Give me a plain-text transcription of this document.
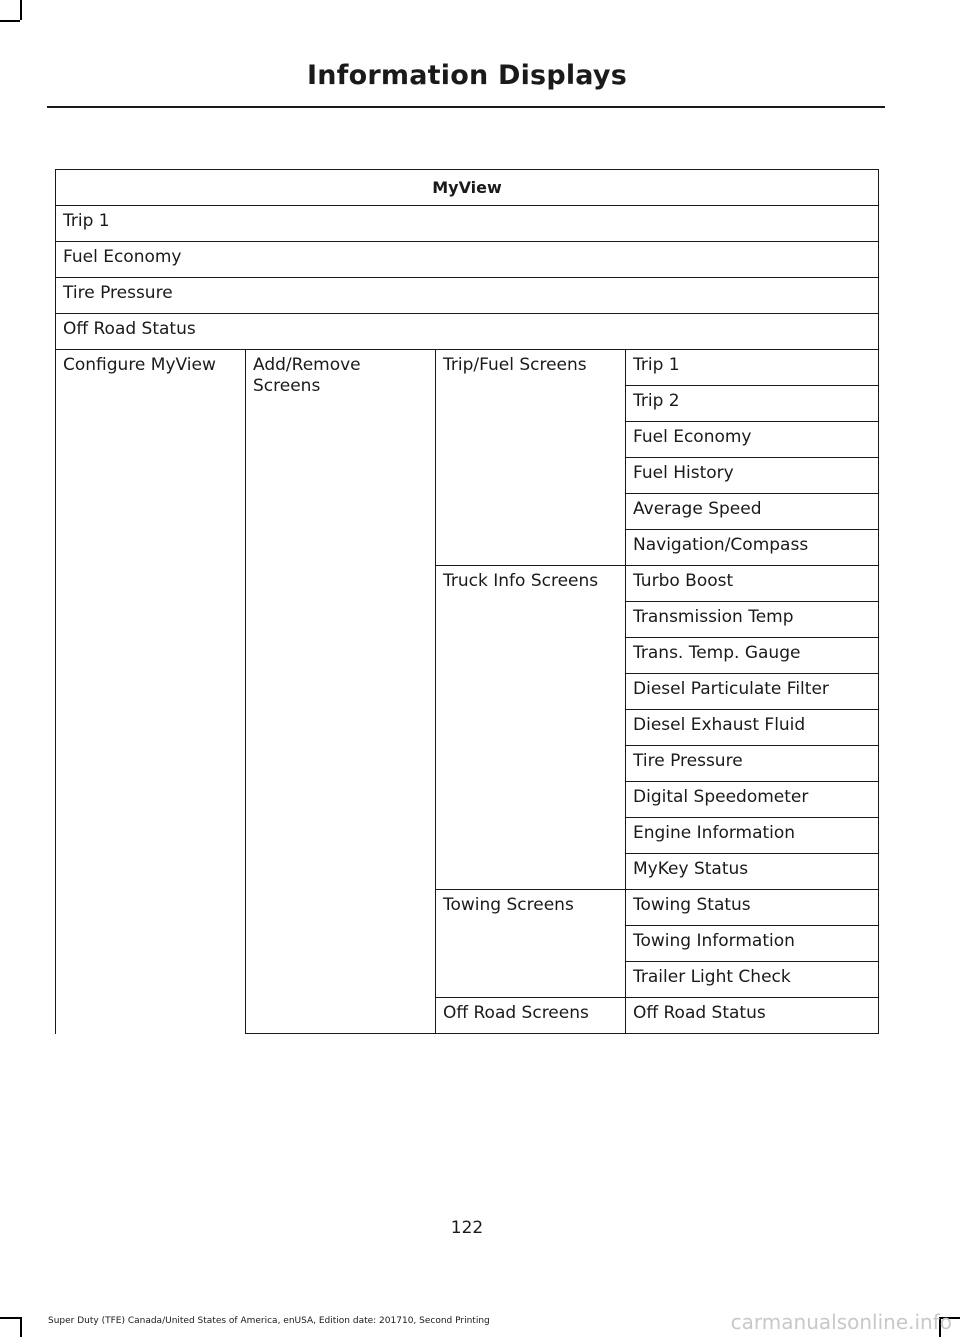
Information Displays
MyView			
Trip 1			
Fuel Economy			
Tire Pressure			
Off Road Status			
Configure MyView	Add/Remove Screens	Trip/Fuel Screens	Trip 1
			Trip 2
			Fuel Economy
			Fuel History
			Average Speed
			Navigation/Compass
		Truck Info Screens	Turbo Boost
			Transmission Temp
			Trans. Temp. Gauge
			Diesel Particulate Filter
			Diesel Exhaust Fluid
			Tire Pressure
			Digital Speedometer
			Engine Information
			MyKey Status
		Towing Screens	Towing Status
			Towing Information
			Trailer Light Check
		Off Road Screens	Off Road Status
122
Super Duty (TFE) Canada/United States of America, enUSA, Edition date: 201710, Second Printing	carmanualsonline.info
